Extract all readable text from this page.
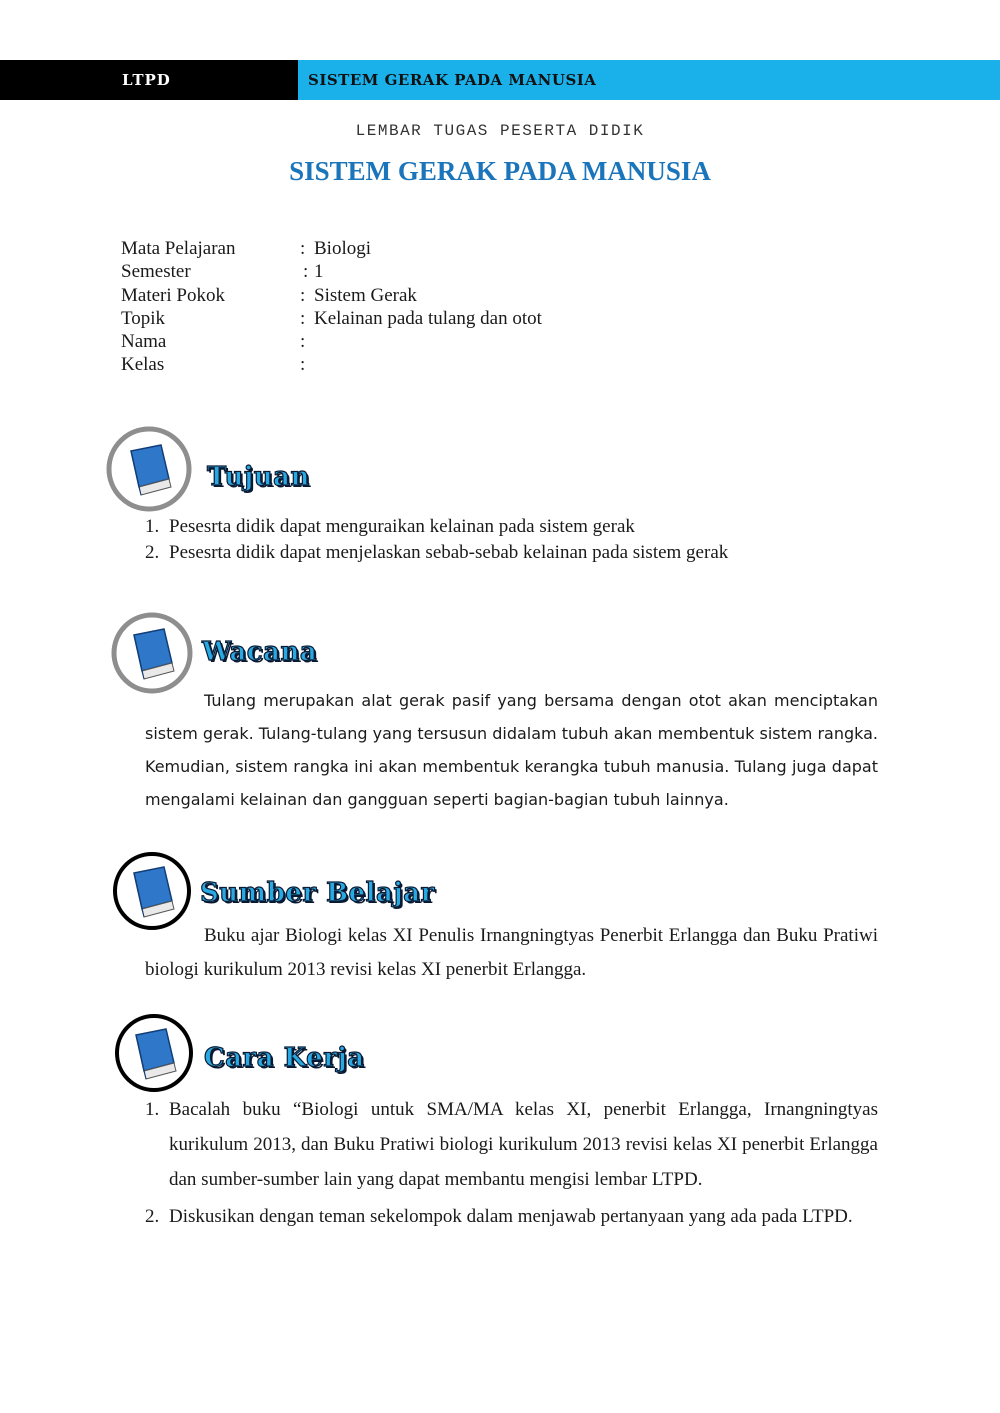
LTPD	SISTEM GERAK PADA MANUSIA
LEMBAR TUGAS PESERTA DIDIK
SISTEM GERAK PADA MANUSIA
Mata Pelajaran	: Biologi
Semester	: 1
Materi Pokok	: Sistem Gerak
Topik	: Kelainan pada tulang dan otot
Nama	:
Kelas	:
Tujuan
1. Pesesrta didik dapat menguraikan kelainan pada sistem gerak
2. Pesesrta didik dapat menjelaskan sebab-sebab kelainan pada sistem gerak
Wacana
Tulang merupakan alat gerak pasif yang bersama dengan otot akan menciptakan sistem gerak. Tulang-tulang yang tersusun didalam tubuh akan membentuk sistem rangka. Kemudian, sistem rangka ini akan membentuk kerangka tubuh manusia. Tulang juga dapat mengalami kelainan dan gangguan seperti bagian-bagian tubuh lainnya.
Sumber Belajar
Buku ajar Biologi kelas XI Penulis Irnangningtyas Penerbit Erlangga dan Buku Pratiwi biologi kurikulum 2013 revisi kelas XI penerbit Erlangga.
Cara Kerja
1. Bacalah buku “Biologi untuk SMA/MA kelas XI, penerbit Erlangga, Irnangningtyas kurikulum 2013, dan Buku Pratiwi biologi kurikulum 2013 revisi kelas XI penerbit Erlangga dan sumber-sumber lain yang dapat membantu mengisi lembar LTPD.
2. Diskusikan dengan teman sekelompok dalam menjawab pertanyaan yang ada pada LTPD.
